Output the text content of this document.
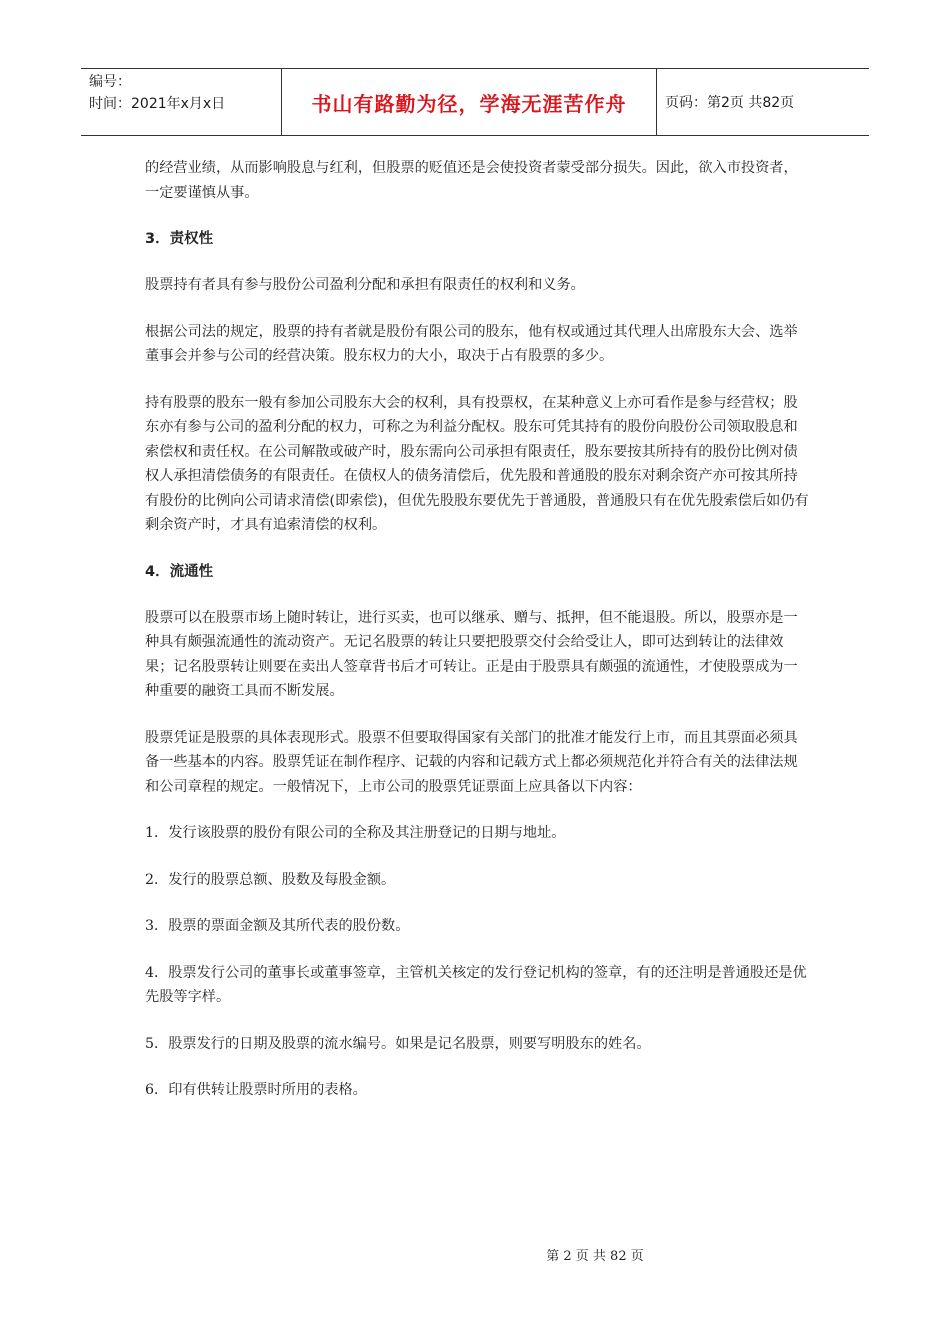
编号：
时间：2021年x月x日	书山有路勤为径，学海无涯苦作舟	页码：第2页 共82页

的经营业绩，从而影响股息与红利，但股票的贬值还是会使投资者蒙受部分损失。因此，欲入市投资者，一定要谨慎从事。

3．责权性

股票持有者具有参与股份公司盈利分配和承担有限责任的权利和义务。

根据公司法的规定，股票的持有者就是股份有限公司的股东，他有权或通过其代理人出席股东大会、选举董事会并参与公司的经营决策。股东权力的大小，取决于占有股票的多少。

持有股票的股东一般有参加公司股东大会的权利，具有投票权，在某种意义上亦可看作是参与经营权；股东亦有参与公司的盈利分配的权力，可称之为利益分配权。股东可凭其持有的股份向股份公司领取股息和索偿权和责任权。在公司解散或破产时，股东需向公司承担有限责任，股东要按其所持有的股份比例对债权人承担清偿债务的有限责任。在债权人的债务清偿后，优先股和普通股的股东对剩余资产亦可按其所持有股份的比例向公司请求清偿(即索偿)，但优先股股东要优先于普通股，普通股只有在优先股索偿后如仍有剩余资产时，才具有追索清偿的权利。

4．流通性

股票可以在股票市场上随时转让，进行买卖，也可以继承、赠与、抵押，但不能退股。所以，股票亦是一种具有颇强流通性的流动资产。无记名股票的转让只要把股票交付会给受让人，即可达到转让的法律效果；记名股票转让则要在卖出人签章背书后才可转让。正是由于股票具有颇强的流通性，才使股票成为一种重要的融资工具而不断发展。

股票凭证是股票的具体表现形式。股票不但要取得国家有关部门的批准才能发行上市，而且其票面必须具备一些基本的内容。股票凭证在制作程序、记载的内容和记载方式上都必须规范化并符合有关的法律法规和公司章程的规定。一般情况下，上市公司的股票凭证票面上应具备以下内容：

1．发行该股票的股份有限公司的全称及其注册登记的日期与地址。

2．发行的股票总额、股数及每股金额。

3．股票的票面金额及其所代表的股份数。

4．股票发行公司的董事长或董事签章，主管机关核定的发行登记机构的签章，有的还注明是普通股还是优先股等字样。

5．股票发行的日期及股票的流水编号。如果是记名股票，则要写明股东的姓名。

6．印有供转让股票时所用的表格。

第 2 页 共 82 页
